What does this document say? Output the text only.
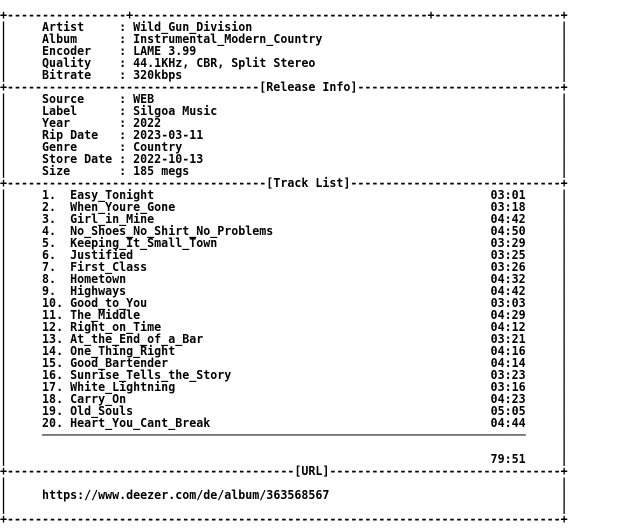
+-----------------+------------------------------------------+------------------+
|     Artist     : Wild_Gun_Division	|
|     Album      : Instrumental_Modern_Country	|
|     Encoder    : LAME 3.99	|
|     Quality    : 44.1KHz, CBR, Split Stereo	|
|     Bitrate    : 320kbps	|
+------------------------------------[Release Info]-----------------------------+
|     Source     : WEB	|
|     Label      : Silgoa Music	|
|     Year       : 2022	|
|     Rip Date   : 2023-03-11	|
|     Genre      : Country	|
|     Store Date : 2022-10-13	|
|     Size       : 185 megs	|
+-------------------------------------[Track List]------------------------------+
|     1.  Easy_Tonight	03:01	|
|     2.  When_Youre_Gone	03:18	|
|     3.  Girl_in_Mine	04:42	|
|     4.  No_Shoes_No_Shirt_No_Problems	04:50	|
|     5.  Keeping_It_Small_Town	03:29	|
|     6.  Justified	03:25	|
|     7.  First_Class	03:26	|
|     8.  Hometown	04:32	|
|     9.  Highways	04:42	|
|     10. Good_to_You	03:03	|
|     11. The_Middle	04:29	|
|     12. Right_on_Time	04:12	|
|     13. At_the_End_of_a_Bar	03:21	|
|     14. One_Thing_Right	04:16	|
|     15. Good_Bartender	04:14	|
|     16. Sunrise_Tells_the_Story	03:23	|
|     17. White_Lightning	03:16	|
|     18. Carry_On	04:23	|
|     19. Old_Souls	05:05	|
|     20. Heart_You_Cant_Break	04:44	|
|     ─────────────────────────────────────────────────────────────────────     |
|                                                                               |
|                                                                     79:51	|
+-----------------------------------------[URL]---------------------------------+
|                                                                               |
|     https://www.deezer.com/de/album/363568567	|
|                                                                               |
+-------------------------------------------------------------------------------+
